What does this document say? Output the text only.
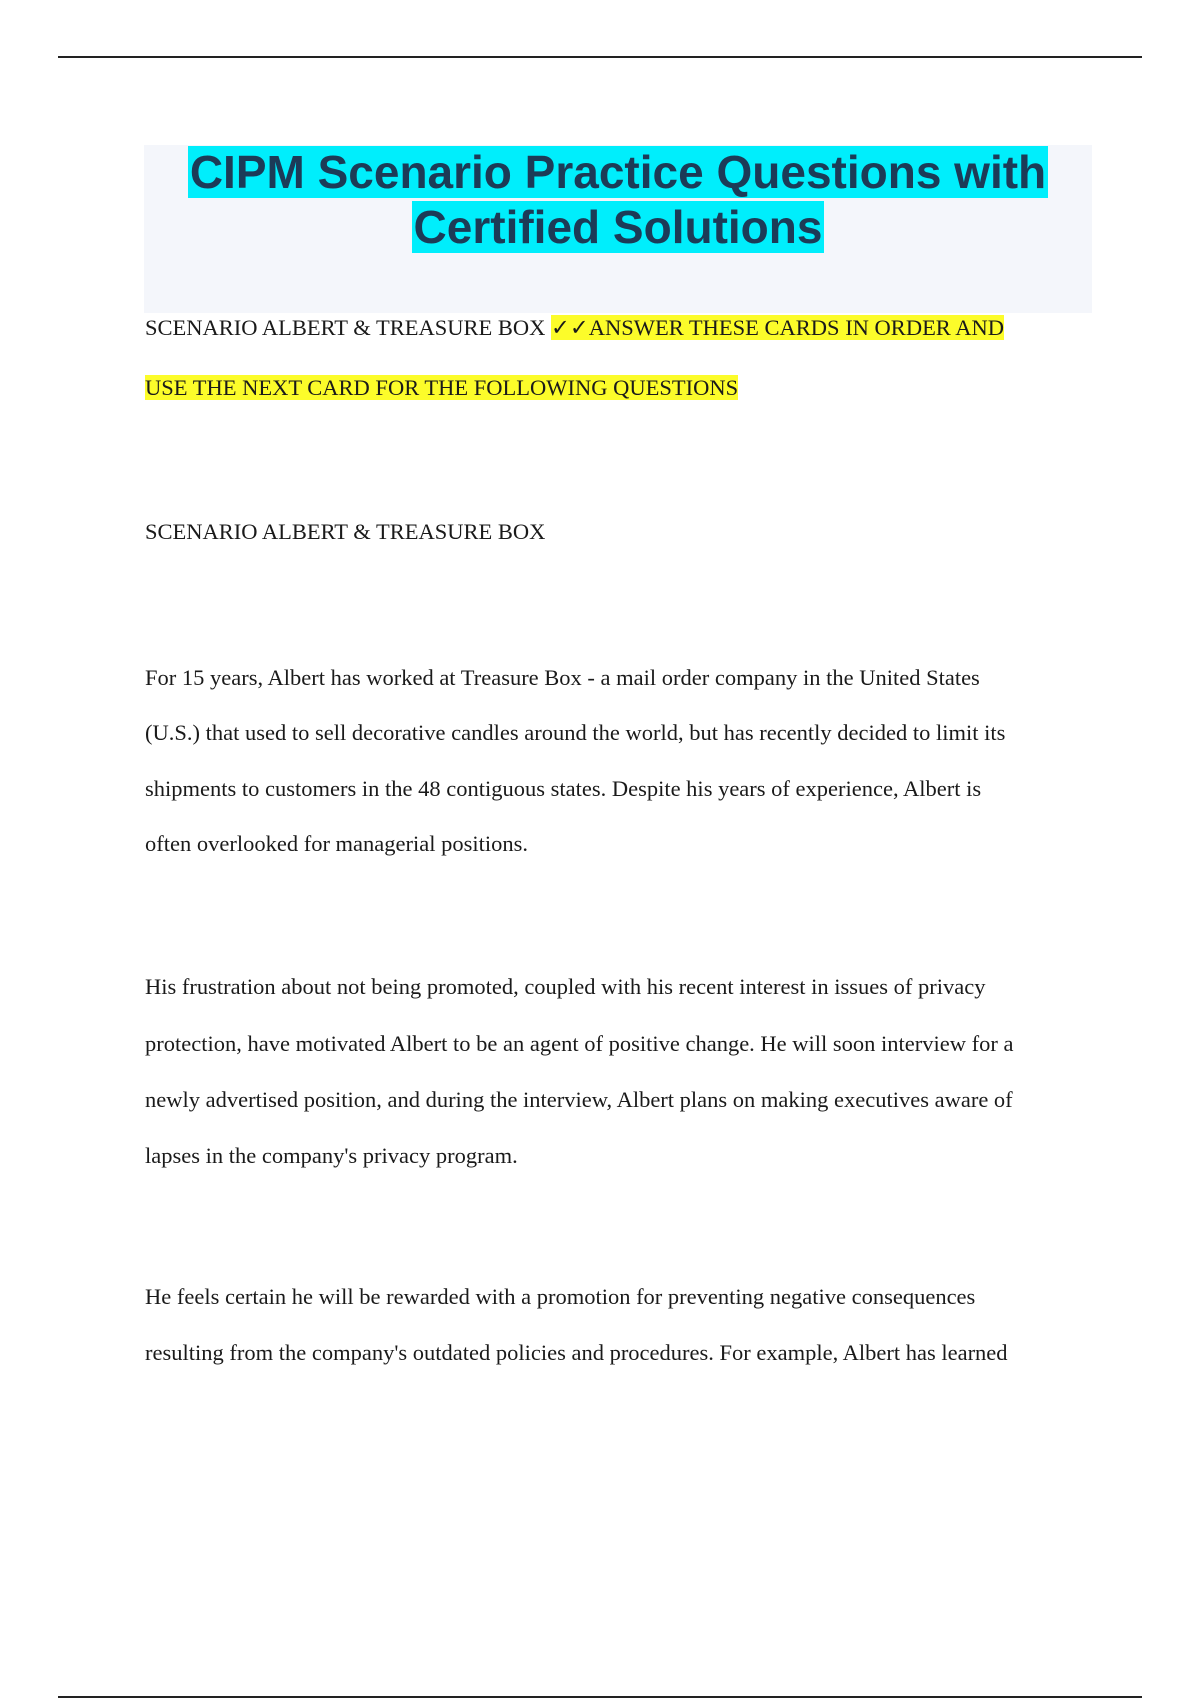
CIPM Scenario Practice Questions with
Certified Solutions
SCENARIO ALBERT & TREASURE BOX ✓✓ANSWER THESE CARDS IN ORDER AND
USE THE NEXT CARD FOR THE FOLLOWING QUESTIONS
SCENARIO ALBERT & TREASURE BOX
For 15 years, Albert has worked at Treasure Box - a mail order company in the United States
(U.S.) that used to sell decorative candles around the world, but has recently decided to limit its
shipments to customers in the 48 contiguous states. Despite his years of experience, Albert is
often overlooked for managerial positions.
His frustration about not being promoted, coupled with his recent interest in issues of privacy
protection, have motivated Albert to be an agent of positive change. He will soon interview for a
newly advertised position, and during the interview, Albert plans on making executives aware of
lapses in the company's privacy program.
He feels certain he will be rewarded with a promotion for preventing negative consequences
resulting from the company's outdated policies and procedures. For example, Albert has learned
